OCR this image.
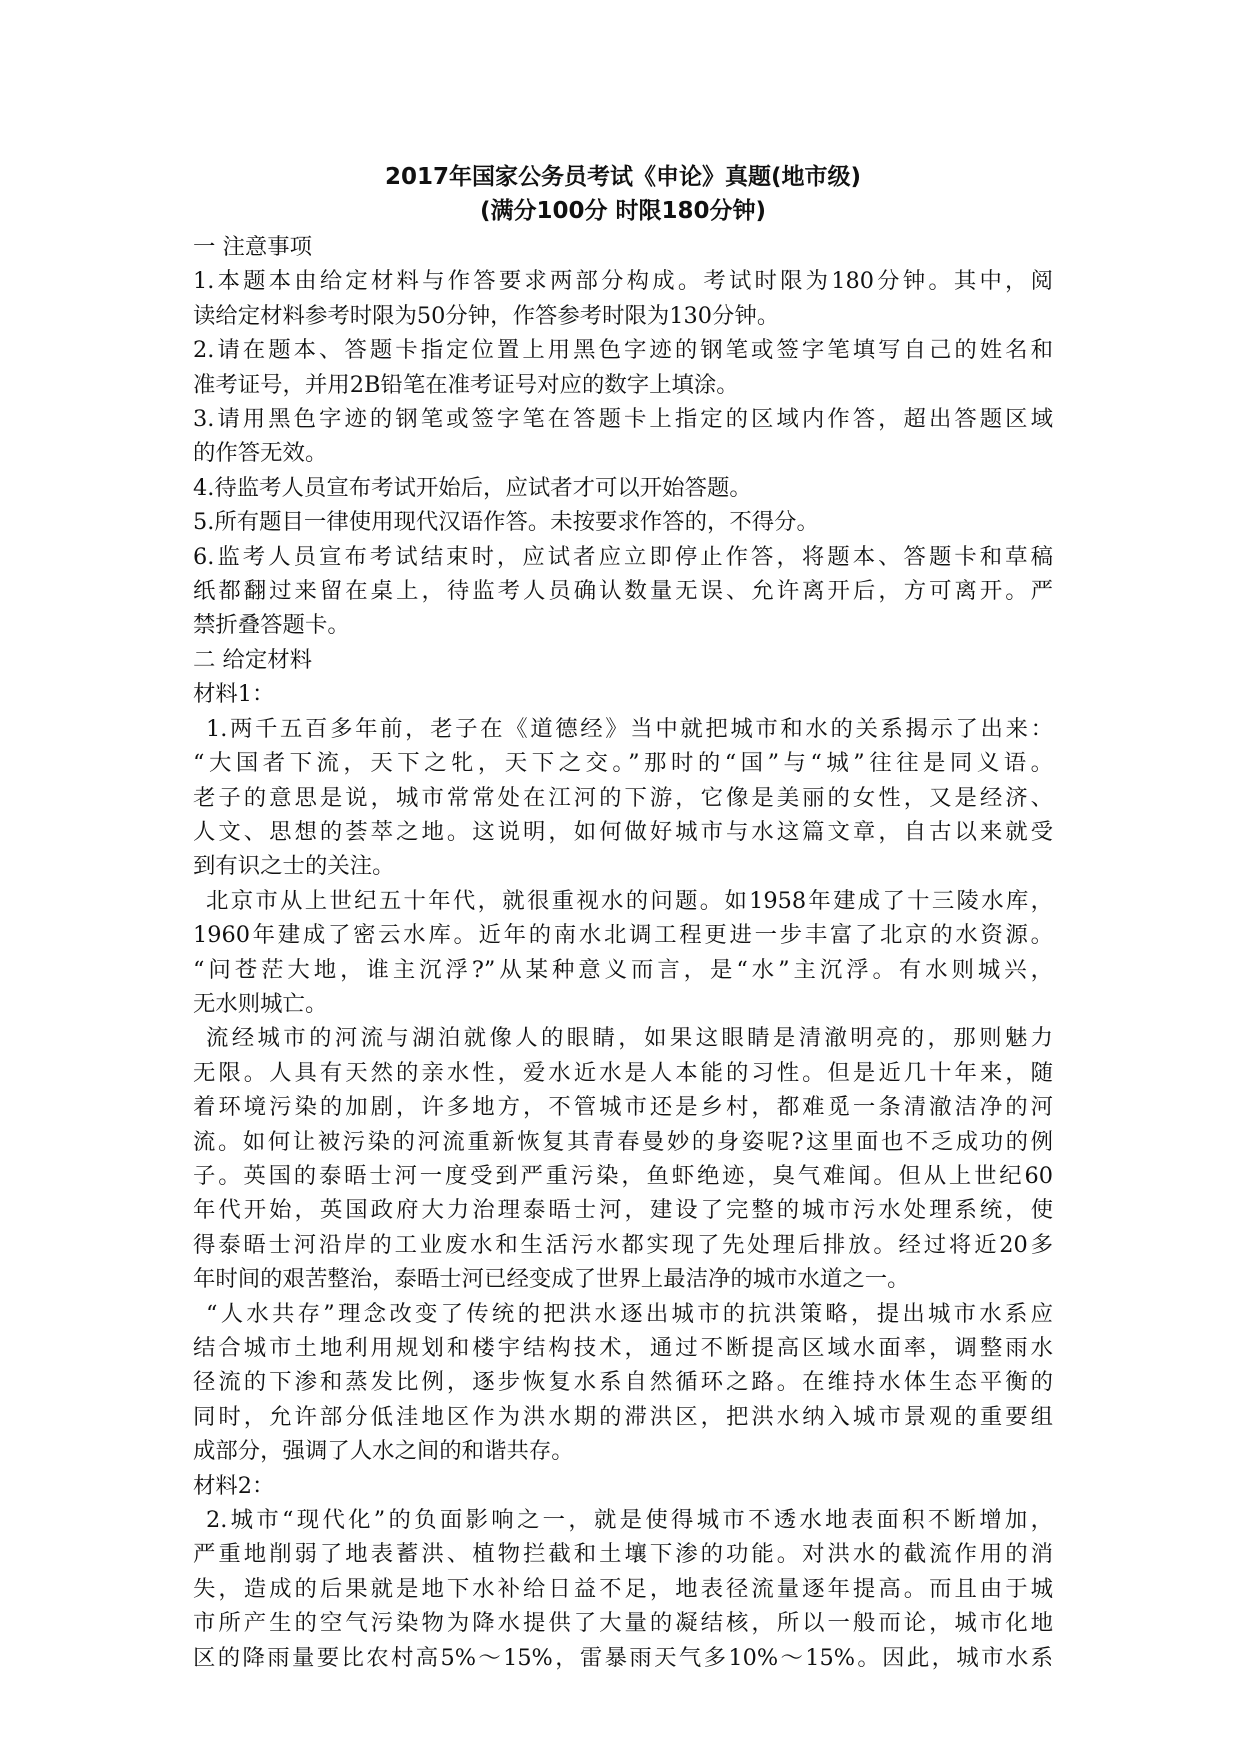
2017年国家公务员考试《申论》真题(地市级)
(满分100分 时限180分钟)

一 注意事项

1.本题本由给定材料与作答要求两部分构成。考试时限为180分钟。其中，阅

读给定材料参考时限为50分钟，作答参考时限为130分钟。

2.请在题本、答题卡指定位置上用黑色字迹的钢笔或签字笔填写自己的姓名和

准考证号，并用2B铅笔在准考证号对应的数字上填涂。

3.请用黑色字迹的钢笔或签字笔在答题卡上指定的区域内作答，超出答题区域

的作答无效。

4.待监考人员宣布考试开始后，应试者才可以开始答题。

5.所有题目一律使用现代汉语作答。未按要求作答的，不得分。

6.监考人员宣布考试结束时，应试者应立即停止作答，将题本、答题卡和草稿

纸都翻过来留在桌上，待监考人员确认数量无误、允许离开后，方可离开。严

禁折叠答题卡。

二 给定材料

材料1：

1.两千五百多年前，老子在《道德经》当中就把城市和水的关系揭示了出来：

“大国者下流，天下之牝，天下之交。”那时的“国”与“城”往往是同义语。

老子的意思是说，城市常常处在江河的下游，它像是美丽的女性，又是经济、

人文、思想的荟萃之地。这说明，如何做好城市与水这篇文章，自古以来就受

到有识之士的关注。

北京市从上世纪五十年代，就很重视水的问题。如1958年建成了十三陵水库，

1960年建成了密云水库。近年的南水北调工程更进一步丰富了北京的水资源。

“问苍茫大地，谁主沉浮?”从某种意义而言，是“水”主沉浮。有水则城兴，

无水则城亡。

流经城市的河流与湖泊就像人的眼睛，如果这眼睛是清澈明亮的，那则魅力

无限。人具有天然的亲水性，爱水近水是人本能的习性。但是近几十年来，随

着环境污染的加剧，许多地方，不管城市还是乡村，都难觅一条清澈洁净的河

流。如何让被污染的河流重新恢复其青春曼妙的身姿呢?这里面也不乏成功的例

子。英国的泰晤士河一度受到严重污染，鱼虾绝迹，臭气难闻。但从上世纪60

年代开始，英国政府大力治理泰晤士河，建设了完整的城市污水处理系统，使

得泰晤士河沿岸的工业废水和生活污水都实现了先处理后排放。经过将近20多

年时间的艰苦整治，泰晤士河已经变成了世界上最洁净的城市水道之一。

“人水共存”理念改变了传统的把洪水逐出城市的抗洪策略，提出城市水系应

结合城市土地利用规划和楼宇结构技术，通过不断提高区域水面率，调整雨水

径流的下渗和蒸发比例，逐步恢复水系自然循环之路。在维持水体生态平衡的

同时，允许部分低洼地区作为洪水期的滞洪区，把洪水纳入城市景观的重要组

成部分，强调了人水之间的和谐共存。

材料2：

2.城市“现代化”的负面影响之一，就是使得城市不透水地表面积不断增加，

严重地削弱了地表蓄洪、植物拦截和土壤下渗的功能。对洪水的截流作用的消

失，造成的后果就是地下水补给日益不足，地表径流量逐年提高。而且由于城

市所产生的空气污染物为降水提供了大量的凝结核，所以一般而论，城市化地

区的降雨量要比农村高5%～15%，雷暴雨天气多10%～15%。因此，城市水系
